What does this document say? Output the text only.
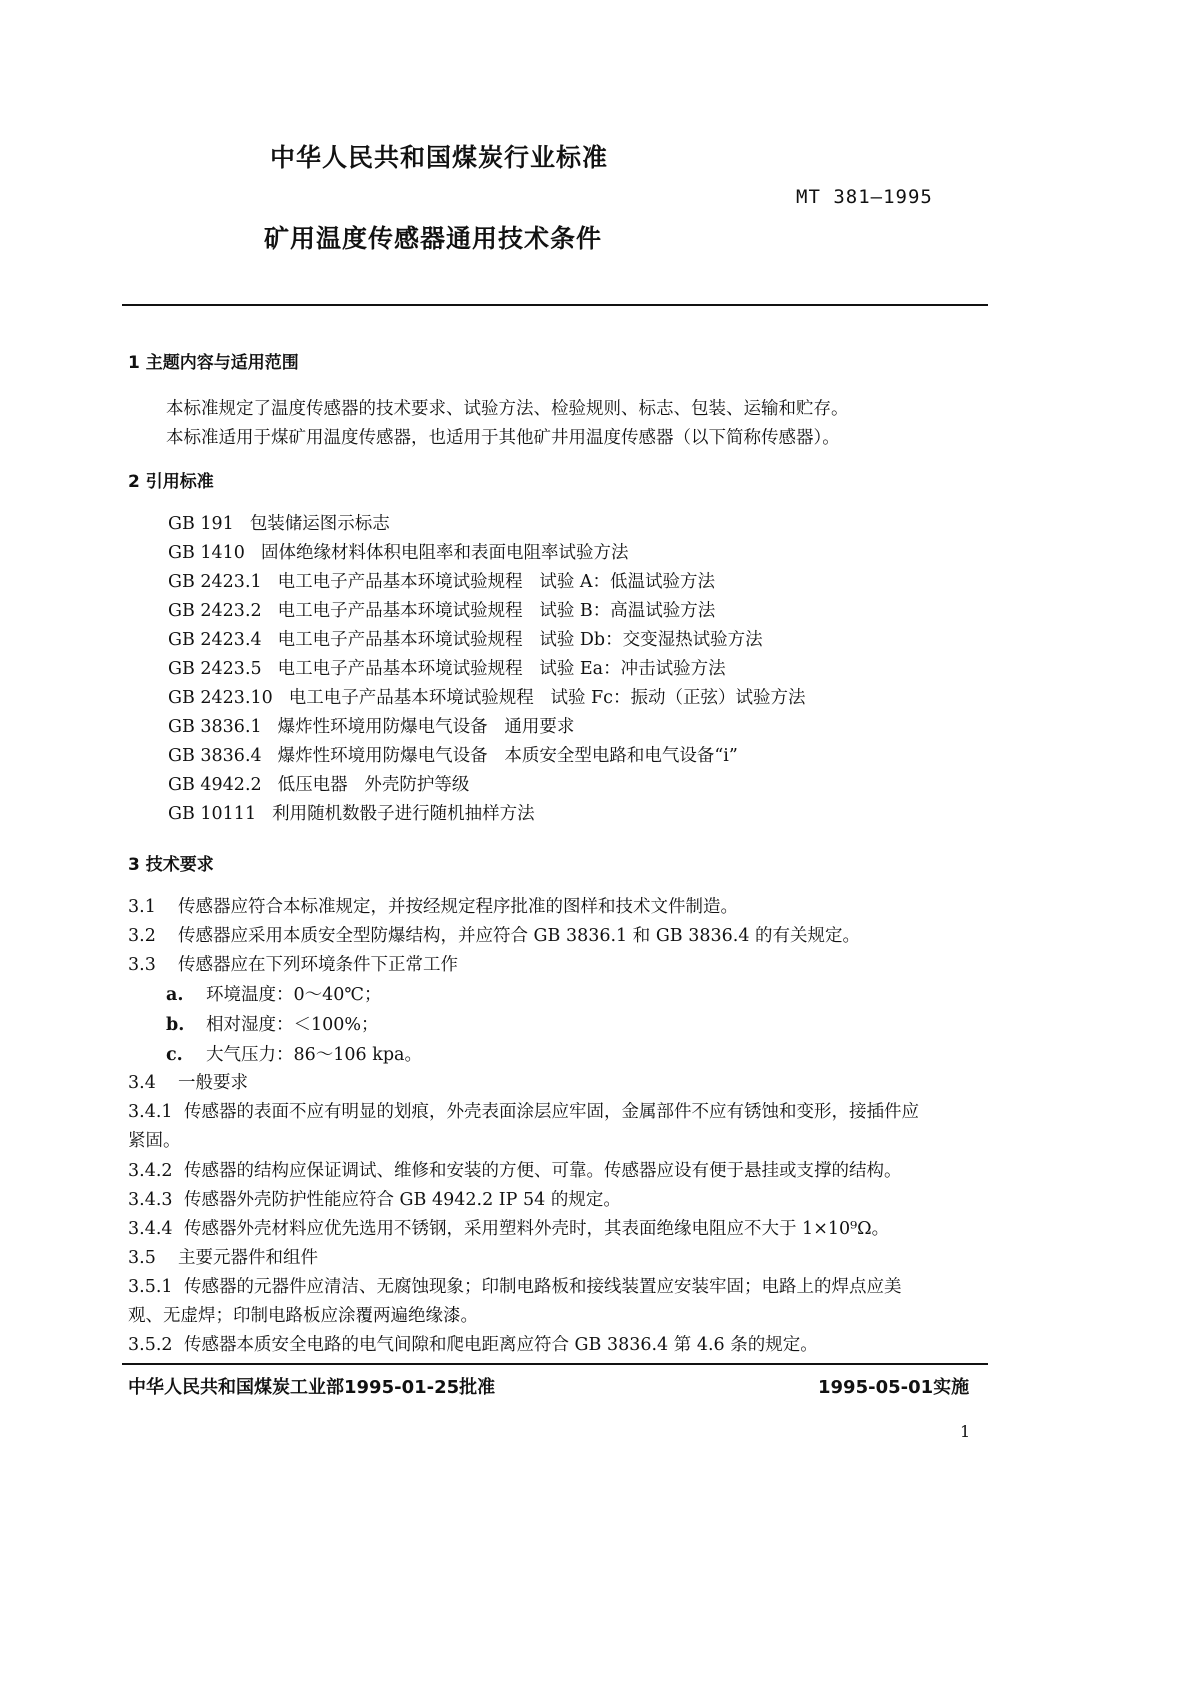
中华人民共和国煤炭行业标准
MT 381—1995
矿用温度传感器通用技术条件
1 主题内容与适用范围
本标准规定了温度传感器的技术要求、试验方法、检验规则、标志、包装、运输和贮存。
本标准适用于煤矿用温度传感器，也适用于其他矿井用温度传感器（以下简称传感器）。
2 引用标准
GB 191 包装储运图示标志
GB 1410 固体绝缘材料体积电阻率和表面电阻率试验方法
GB 2423.1 电工电子产品基本环境试验规程   试验 A：低温试验方法
GB 2423.2 电工电子产品基本环境试验规程   试验 B：高温试验方法
GB 2423.4 电工电子产品基本环境试验规程   试验 Db：交变湿热试验方法
GB 2423.5 电工电子产品基本环境试验规程   试验 Ea：冲击试验方法
GB 2423.10 电工电子产品基本环境试验规程   试验 Fc：振动（正弦）试验方法
GB 3836.1 爆炸性环境用防爆电气设备   通用要求
GB 3836.4 爆炸性环境用防爆电气设备   本质安全型电路和电气设备“i”
GB 4942.2 低压电器   外壳防护等级
GB 10111 利用随机数骰子进行随机抽样方法
3 技术要求
3.1 传感器应符合本标准规定，并按经规定程序批准的图样和技术文件制造。
3.2 传感器应采用本质安全型防爆结构，并应符合 GB 3836.1 和 GB 3836.4 的有关规定。
3.3 传感器应在下列环境条件下正常工作
a. 环境温度：0～40℃；
b. 相对湿度：＜100%；
c. 大气压力：86～106 kpa。
3.4 一般要求
3.4.1 传感器的表面不应有明显的划痕，外壳表面涂层应牢固，金属部件不应有锈蚀和变形，接插件应
紧固。
3.4.2 传感器的结构应保证调试、维修和安装的方便、可靠。传感器应设有便于悬挂或支撑的结构。
3.4.3 传感器外壳防护性能应符合 GB 4942.2 IP 54 的规定。
3.4.4 传感器外壳材料应优先选用不锈钢，采用塑料外壳时，其表面绝缘电阻应不大于 1×10⁹Ω。
3.5 主要元器件和组件
3.5.1 传感器的元器件应清洁、无腐蚀现象；印制电路板和接线装置应安装牢固；电路上的焊点应美
观、无虚焊；印制电路板应涂覆两遍绝缘漆。
3.5.2 传感器本质安全电路的电气间隙和爬电距离应符合 GB 3836.4 第 4.6 条的规定。
中华人民共和国煤炭工业部1995-01-25批准	1995-05-01实施
1
